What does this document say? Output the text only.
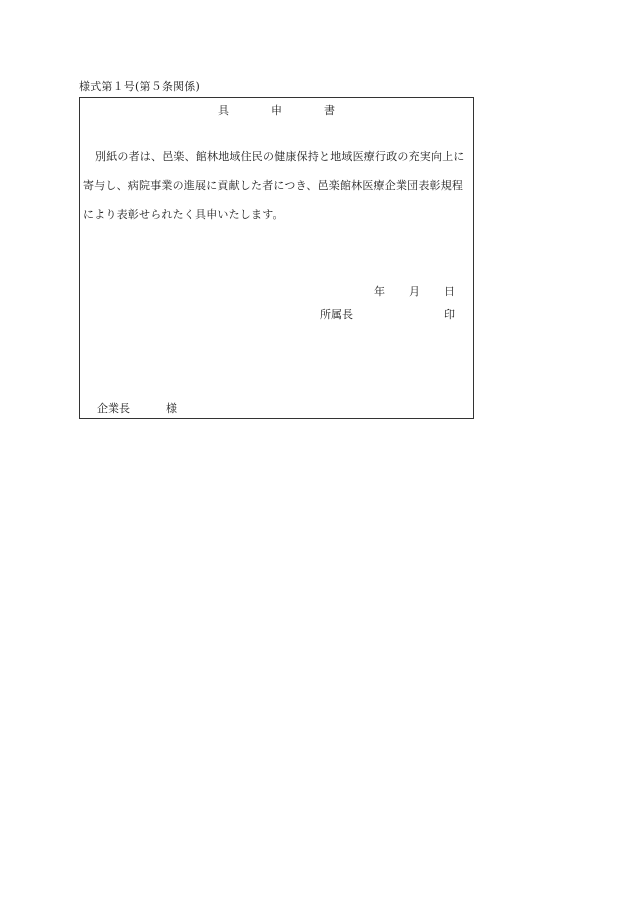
様式第１号(第５条関係)
具	申	書

別紙の者は、邑楽、館林地域住民の健康保持と地域医療行政の充実向上に寄与し、病院事業の進展に貢献した者につき、邑楽館林医療企業団表彰規程により表彰せられたく具申いたします。

年 月 日
所属長	印
企業長	様
